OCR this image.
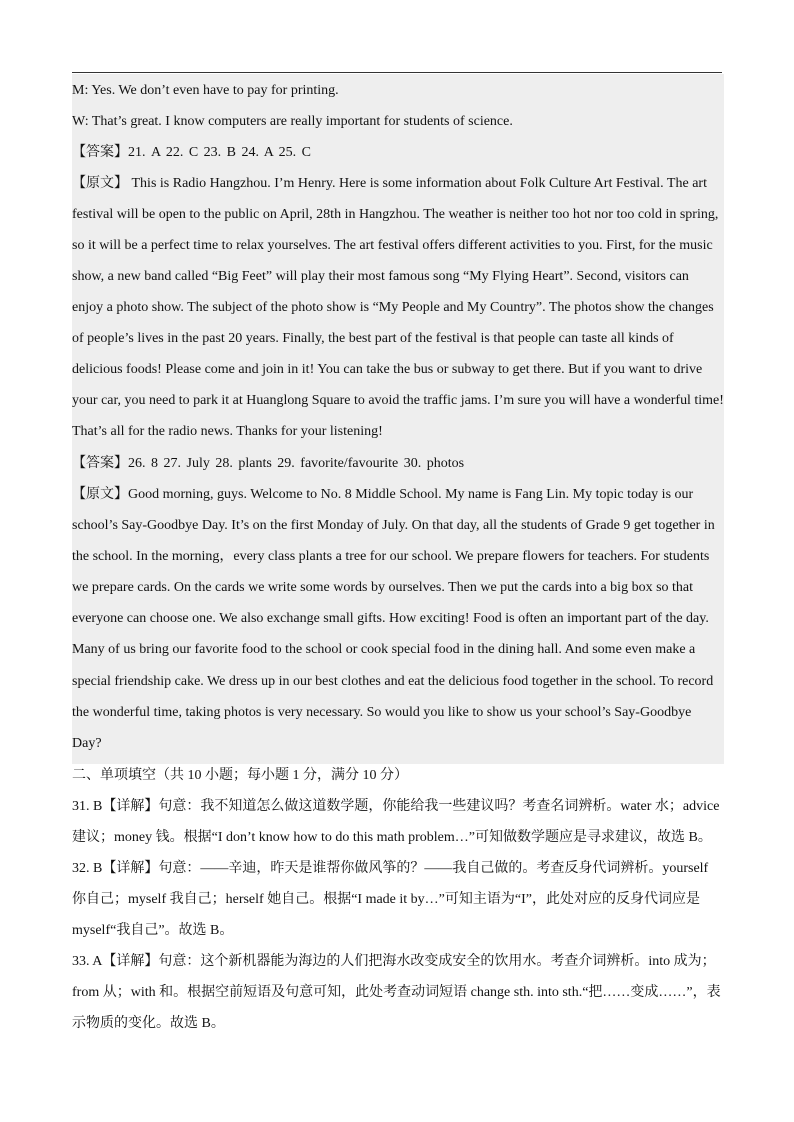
M: Yes. We don’t even have to pay for printing.
W: That’s great. I know computers are really important for students of science.
【答案】21. A 22. C 23. B 24. A 25. C
【原文】 This is Radio Hangzhou. I’m Henry. Here is some information about Folk Culture Art Festival. The art
festival will be open to the public on April, 28th in Hangzhou. The weather is neither too hot nor too cold in spring,
so it will be a perfect time to relax yourselves. The art festival offers different activities to you. First, for the music
show, a new band called “Big Feet” will play their most famous song “My Flying Heart”. Second, visitors can
enjoy a photo show. The subject of the photo show is “My People and My Country”. The photos show the changes
of people’s lives in the past 20 years. Finally, the best part of the festival is that people can taste all kinds of
delicious foods! Please come and join in it! You can take the bus or subway to get there. But if you want to drive
your car, you need to park it at Huanglong Square to avoid the traffic jams. I’m sure you will have a wonderful time!
That’s all for the radio news. Thanks for your listening!
【答案】26. 8 27. July 28. plants 29. favorite/favourite 30. photos
【原文】Good morning, guys. Welcome to No. 8 Middle School. My name is Fang Lin. My topic today is our
school’s Say-Goodbye Day. It’s on the first Monday of July. On that day, all the students of Grade 9 get together in
the school. In the morning，every class plants a tree for our school. We prepare flowers for teachers. For students
we prepare cards. On the cards we write some words by ourselves. Then we put the cards into a big box so that
everyone can choose one. We also exchange small gifts. How exciting! Food is often an important part of the day.
Many of us bring our favorite food to the school or cook special food in the dining hall. And some even make a
special friendship cake. We dress up in our best clothes and eat the delicious food together in the school. To record
the wonderful time, taking photos is very necessary. So would you like to show us your school’s Say-Goodbye
Day?
二、单项填空（共 10 小题；每小题 1 分，满分 10 分）
31. B【详解】句意：我不知道怎么做这道数学题，你能给我一些建议吗？考查名词辨析。water 水；advice
建议；money 钱。根据“I don’t know how to do this math problem…”可知做数学题应是寻求建议，故选 B。
32. B【详解】句意：——辛迪，昨天是谁帮你做风筝的？——我自己做的。考查反身代词辨析。yourself
你自己；myself 我自己；herself 她自己。根据“I made it by…”可知主语为“I”，此处对应的反身代词应是
myself“我自己”。故选 B。
33. A【详解】句意：这个新机器能为海边的人们把海水改变成安全的饮用水。考查介词辨析。into 成为；
from 从；with 和。根据空前短语及句意可知，此处考查动词短语 change sth. into sth.“把……变成……”，表
示物质的变化。故选 B。
